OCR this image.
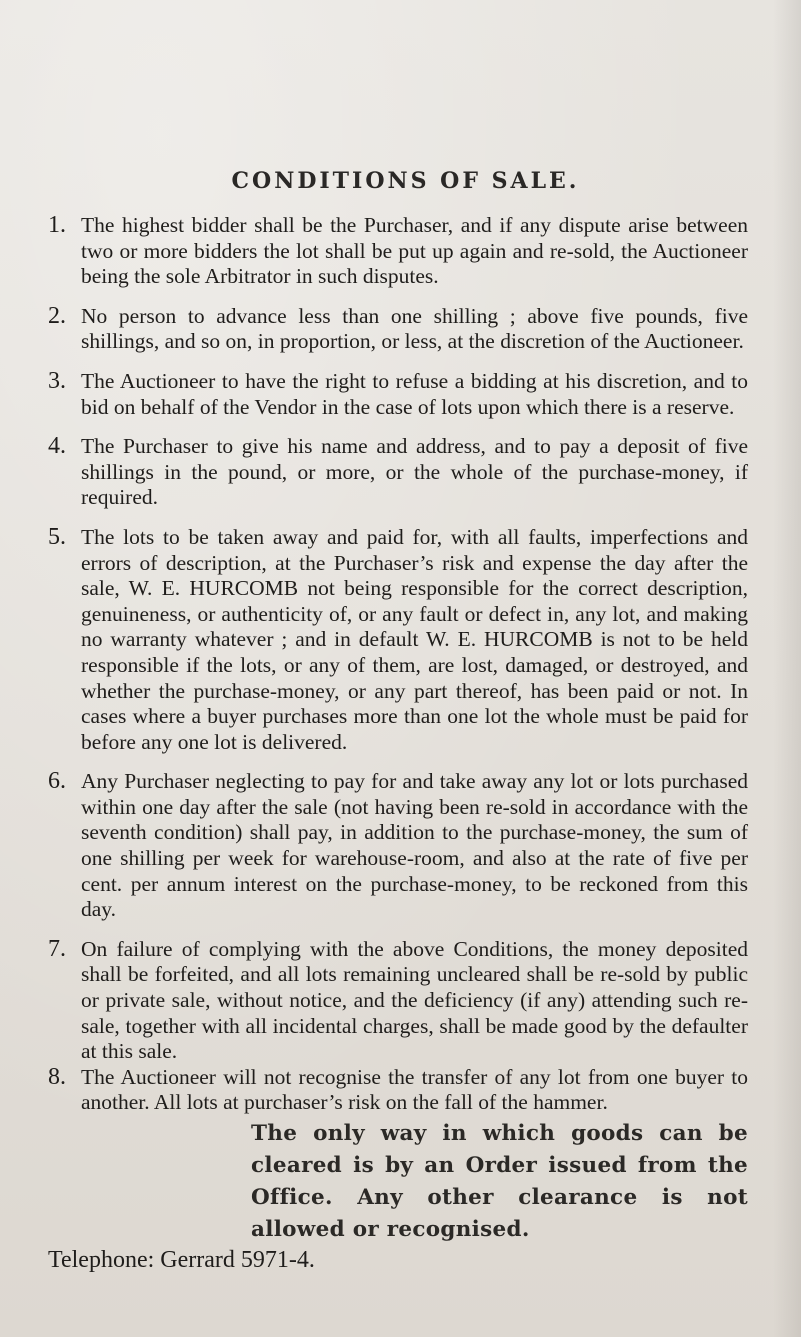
CONDITIONS OF SALE.
1. The highest bidder shall be the Purchaser, and if any dispute arise between two or more bidders the lot shall be put up again and re-sold, the Auctioneer being the sole Arbitrator in such disputes.
2. No person to advance less than one shilling ; above five pounds, five shillings, and so on, in proportion, or less, at the discretion of the Auctioneer.
3. The Auctioneer to have the right to refuse a bidding at his discretion, and to bid on behalf of the Vendor in the case of lots upon which there is a reserve.
4. The Purchaser to give his name and address, and to pay a deposit of five shillings in the pound, or more, or the whole of the purchase-money, if required.
5. The lots to be taken away and paid for, with all faults, imperfections and errors of description, at the Purchaser’s risk and expense the day after the sale, W. E. HURCOMB not being responsible for the correct description, genuineness, or authenticity of, or any fault or defect in, any lot, and making no warranty whatever ; and in default W. E. HURCOMB is not to be held responsible if the lots, or any of them, are lost, damaged, or destroyed, and whether the purchase-money, or any part thereof, has been paid or not. In cases where a buyer purchases more than one lot the whole must be paid for before any one lot is delivered.
6. Any Purchaser neglecting to pay for and take away any lot or lots purchased within one day after the sale (not having been re-sold in accordance with the seventh condition) shall pay, in addition to the purchase-money, the sum of one shilling per week for warehouse-room, and also at the rate of five per cent. per annum interest on the purchase-money, to be reckoned from this day.
7. On failure of complying with the above Conditions, the money deposited shall be forfeited, and all lots remaining uncleared shall be re-sold by public or private sale, without notice, and the deficiency (if any) attending such re-sale, together with all incidental charges, shall be made good by the defaulter at this sale.
8. The Auctioneer will not recognise the transfer of any lot from one buyer to another. All lots at purchaser’s risk on the fall of the hammer.
The only way in which goods can be cleared is by an Order issued from the Office. Any other clearance is not allowed or recognised.
Telephone: Gerrard 5971-4.
